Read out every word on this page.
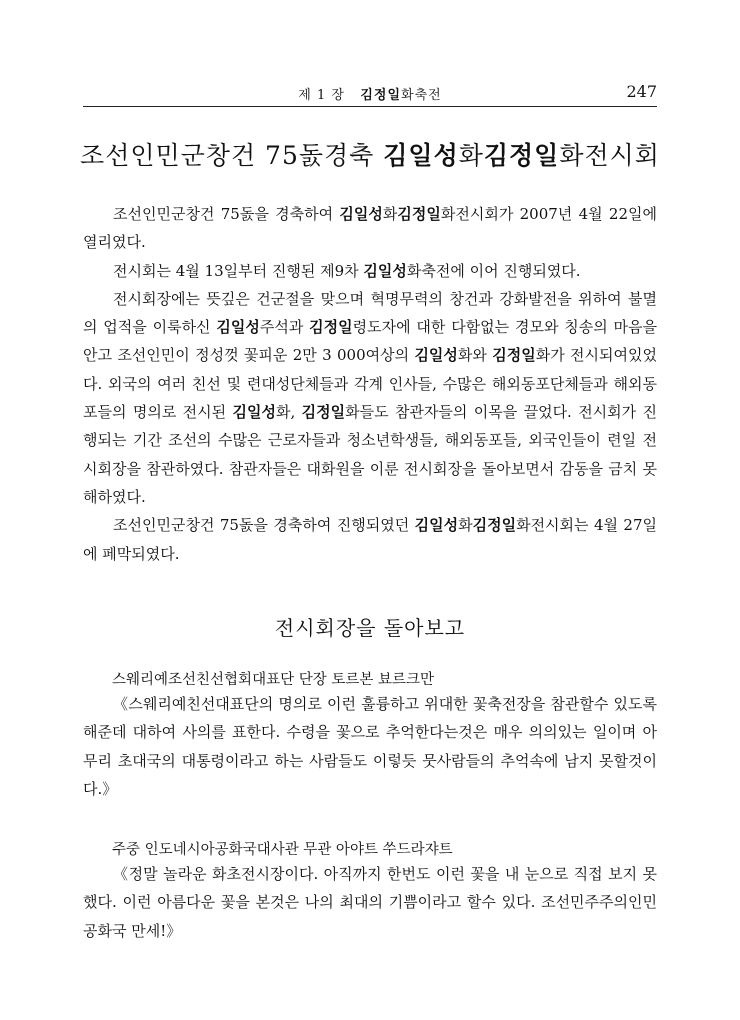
제 1 장 김정일화축전	247
조선인민군창건 75돐경축 김일성화김정일화전시회

조선인민군창건 75돐을 경축하여 김일성화김정일화전시회가 2007년 4월 22일에 열리였다.

전시회는 4월 13일부터 진행된 제9차 김일성화축전에 이어 진행되였다.

전시회장에는 뜻깊은 건군절을 맞으며 혁명무력의 창건과 강화발전을 위하여 불멸의 업적을 이룩하신 김일성주석과 김정일령도자에 대한 다함없는 경모와 칭송의 마음을 안고 조선인민이 정성껏 꽃피운 2만 3 000여상의 김일성화와 김정일화가 전시되여있었다. 외국의 여러 친선 및 련대성단체들과 각계 인사들, 수많은 해외동포단체들과 해외동포들의 명의로 전시된 김일성화, 김정일화들도 참관자들의 이목을 끌었다. 전시회가 진행되는 기간 조선의 수많은 근로자들과 청소년학생들, 해외동포들, 외국인들이 련일 전시회장을 참관하였다. 참관자들은 대화원을 이룬 전시회장을 돌아보면서 감동을 금치 못해하였다.

조선인민군창건 75돐을 경축하여 진행되였던 김일성화김정일화전시회는 4월 27일에 페막되였다.

전시회장을 돌아보고
스웨리예조선친선협회대표단 단장 토르본 뵤르크만

《스웨리예친선대표단의 명의로 이런 훌륭하고 위대한 꽃축전장을 참관할수 있도록 해준데 대하여 사의를 표한다. 수령을 꽃으로 추억한다는것은 매우 의의있는 일이며 아무리 초대국의 대통령이라고 하는 사람들도 이렇듯 뭇사람들의 추억속에 남지 못할것이다.》

주중 인도네시아공화국대사관 무관 아야트 쑤드라쟈트

《정말 놀라운 화초전시장이다. 아직까지 한번도 이런 꽃을 내 눈으로 직접 보지 못했다. 이런 아름다운 꽃을 본것은 나의 최대의 기쁨이라고 할수 있다. 조선민주주의인민공화국 만세!》
